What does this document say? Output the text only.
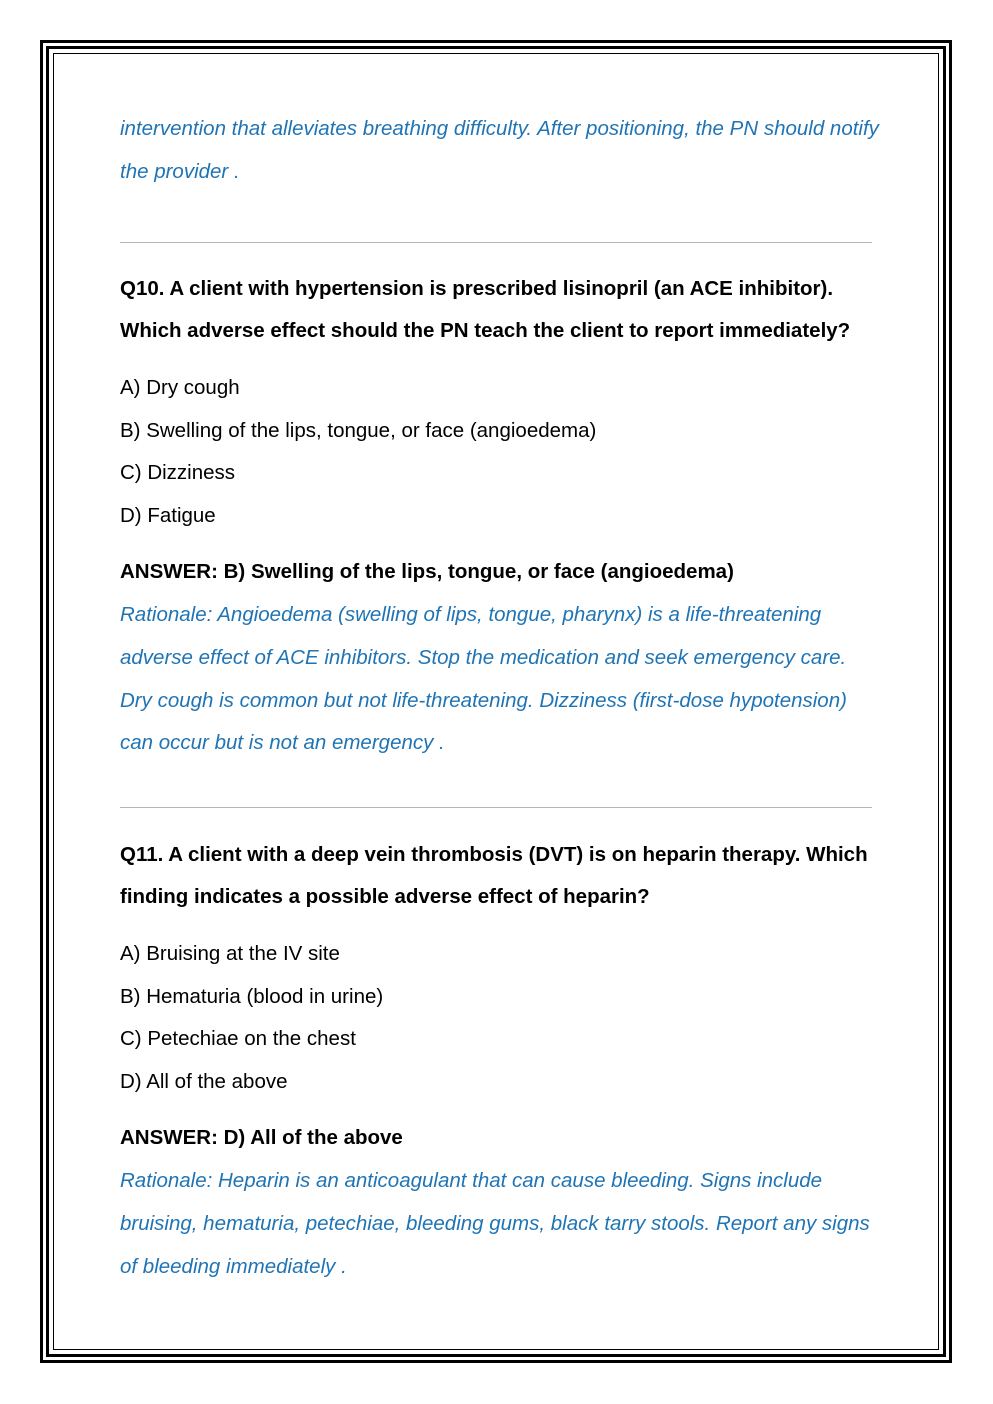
intervention that alleviates breathing difficulty. After positioning, the PN should notify the provider .

Q10. A client with hypertension is prescribed lisinopril (an ACE inhibitor). Which adverse effect should the PN teach the client to report immediately?

A) Dry cough
B) Swelling of the lips, tongue, or face (angioedema)
C) Dizziness
D) Fatigue

ANSWER: B) Swelling of the lips, tongue, or face (angioedema)

Rationale: Angioedema (swelling of lips, tongue, pharynx) is a life-threatening adverse effect of ACE inhibitors. Stop the medication and seek emergency care. Dry cough is common but not life-threatening. Dizziness (first-dose hypotension) can occur but is not an emergency .

Q11. A client with a deep vein thrombosis (DVT) is on heparin therapy. Which finding indicates a possible adverse effect of heparin?

A) Bruising at the IV site
B) Hematuria (blood in urine)
C) Petechiae on the chest
D) All of the above

ANSWER: D) All of the above

Rationale: Heparin is an anticoagulant that can cause bleeding. Signs include bruising, hematuria, petechiae, bleeding gums, black tarry stools. Report any signs of bleeding immediately .
